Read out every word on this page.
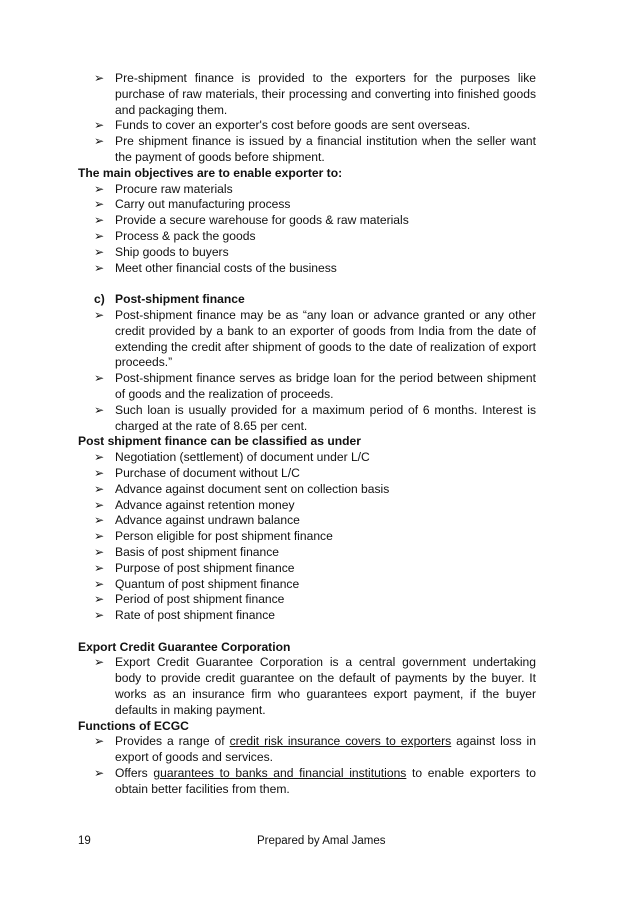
➢ Pre-shipment finance is provided to the exporters for the purposes like purchase of raw materials, their processing and converting into finished goods and packaging them.
➢ Funds to cover an exporter's cost before goods are sent overseas.
➢ Pre shipment finance is issued by a financial institution when the seller want the payment of goods before shipment.
The main objectives are to enable exporter to:
➢ Procure raw materials
➢ Carry out manufacturing process
➢ Provide a secure warehouse for goods & raw materials
➢ Process & pack the goods
➢ Ship goods to buyers
➢ Meet other financial costs of the business
c) Post-shipment finance
➢ Post-shipment finance may be as “any loan or advance granted or any other credit provided by a bank to an exporter of goods from India from the date of extending the credit after shipment of goods to the date of realization of export proceeds.”
➢ Post-shipment finance serves as bridge loan for the period between shipment of goods and the realization of proceeds.
➢ Such loan is usually provided for a maximum period of 6 months. Interest is charged at the rate of 8.65 per cent.
Post shipment finance can be classified as under
➢ Negotiation (settlement) of document under L/C
➢ Purchase of document without L/C
➢ Advance against document sent on collection basis
➢ Advance against retention money
➢ Advance against undrawn balance
➢ Person eligible for post shipment finance
➢ Basis of post shipment finance
➢ Purpose of post shipment finance
➢ Quantum of post shipment finance
➢ Period of post shipment finance
➢ Rate of post shipment finance
Export Credit Guarantee Corporation
➢ Export Credit Guarantee Corporation is a central government undertaking body to provide credit guarantee on the default of payments by the buyer. It works as an insurance firm who guarantees export payment, if the buyer defaults in making payment.
Functions of ECGC
➢ Provides a range of credit risk insurance covers to exporters against loss in export of goods and services.
➢ Offers guarantees to banks and financial institutions to enable exporters to obtain better facilities from them.
19	Prepared by Amal James
